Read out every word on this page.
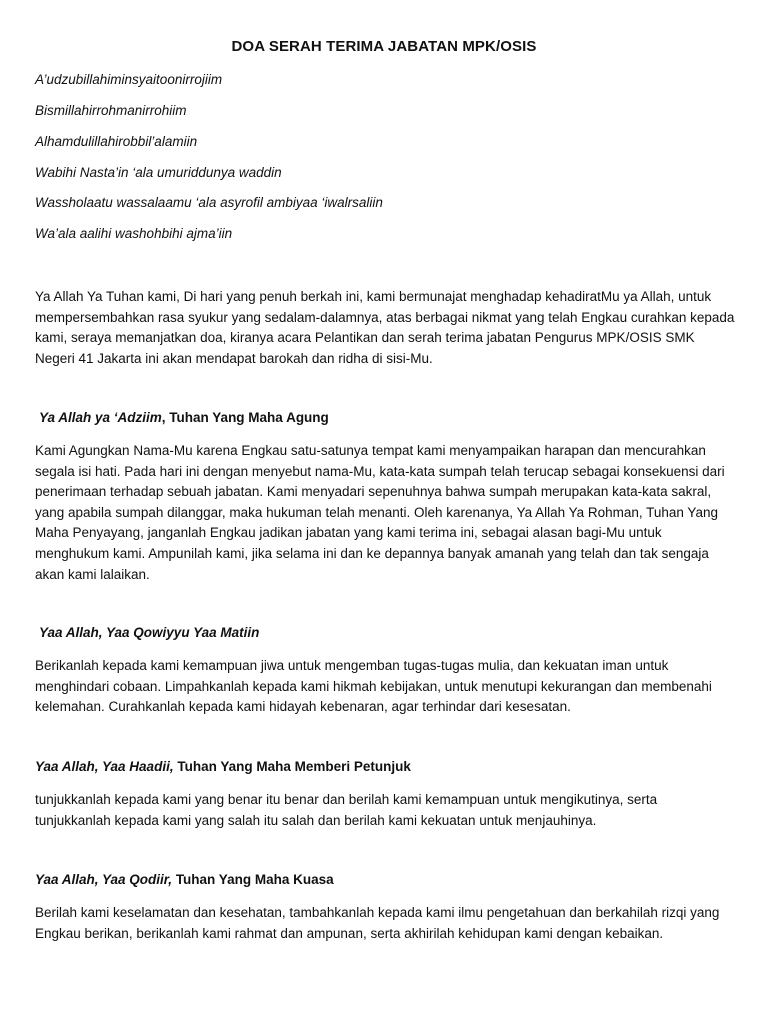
DOA SERAH TERIMA JABATAN MPK/OSIS
A’udzubillahiminsyaitoonirrojiim
Bismillahirrohmanirrohiim
Alhamdulillahirobbil’alamiin
Wabihi Nasta’in ‘ala umuriddunya waddin
Wassholaatu wassalaamu ‘ala asyrofil ambiyaa ‘iwalrsaliin
Wa’ala aalihi washohbihi ajma’iin

Ya Allah Ya Tuhan kami, Di hari yang penuh berkah ini, kami bermunajat menghadap kehadiratMu ya Allah, untuk mempersembahkan rasa syukur yang sedalam-dalamnya, atas berbagai nikmat yang telah Engkau curahkan kepada kami, seraya memanjatkan doa, kiranya acara Pelantikan dan serah terima jabatan Pengurus MPK/OSIS SMK Negeri 41 Jakarta ini akan mendapat barokah dan ridha di sisi-Mu.

Ya Allah ya ‘Adziim, Tuhan Yang Maha Agung

Kami Agungkan Nama-Mu karena Engkau satu-satunya tempat kami menyampaikan harapan dan mencurahkan segala isi hati. Pada hari ini dengan menyebut nama-Mu, kata-kata sumpah telah terucap sebagai konsekuensi dari penerimaan terhadap sebuah jabatan. Kami menyadari sepenuhnya bahwa sumpah merupakan kata-kata sakral, yang apabila sumpah dilanggar, maka hukuman telah menanti. Oleh karenanya, Ya Allah Ya Rohman, Tuhan Yang Maha Penyayang, janganlah Engkau jadikan jabatan yang kami terima ini, sebagai alasan bagi-Mu untuk menghukum kami. Ampunilah kami, jika selama ini dan ke depannya banyak amanah yang telah dan tak sengaja akan kami lalaikan.

Yaa Allah, Yaa Qowiyyu Yaa Matiin

Berikanlah kepada kami kemampuan jiwa untuk mengemban tugas-tugas mulia, dan kekuatan iman untuk menghindari cobaan. Limpahkanlah kepada kami hikmah kebijakan, untuk menutupi kekurangan dan membenahi kelemahan. Curahkanlah kepada kami hidayah kebenaran, agar terhindar dari kesesatan.

Yaa Allah, Yaa Haadii, Tuhan Yang Maha Memberi Petunjuk

tunjukkanlah kepada kami yang benar itu benar dan berilah kami kemampuan untuk mengikutinya, serta tunjukkanlah kepada kami yang salah itu salah dan berilah kami kekuatan untuk menjauhinya.

Yaa Allah, Yaa Qodiir, Tuhan Yang Maha Kuasa

Berilah kami keselamatan dan kesehatan, tambahkanlah kepada kami ilmu pengetahuan dan berkahilah rizqi yang Engkau berikan, berikanlah kami rahmat dan ampunan, serta akhirilah kehidupan kami dengan kebaikan.
